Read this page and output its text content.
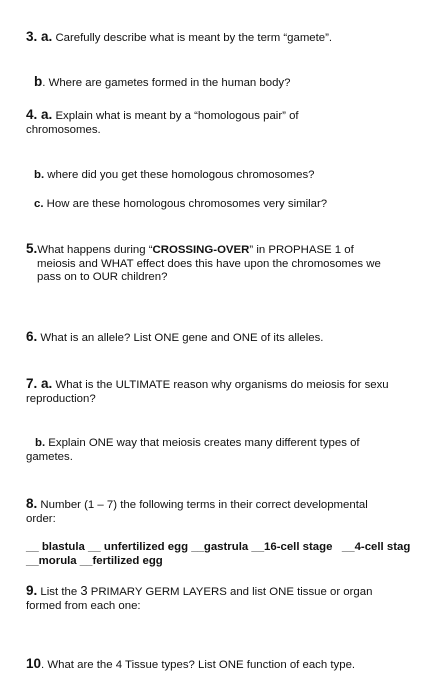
3. a. Carefully describe what is meant by the term “gamete”.
b. Where are gametes formed in the human body?
4. a. Explain what is meant by a “homologous pair” of
chromosomes.
b. where did you get these homologous chromosomes?
c. How are these homologous chromosomes very similar?
5.What happens during “CROSSING-OVER” in PROPHASE 1 of
meiosis and WHAT effect does this have upon the chromosomes we
pass on to OUR children?
6. What is an allele? List ONE gene and ONE of its alleles.
7. a. What is the ULTIMATE reason why organisms do meiosis for sexu
reproduction?
b. Explain ONE way that meiosis creates many different types of
gametes.
8. Number (1 – 7) the following terms in their correct developmental
order:
__ blastula __ unfertilized egg __gastrula __16-cell stage   __4-cell stag
__morula __fertilized egg
9. List the 3 PRIMARY GERM LAYERS and list ONE tissue or organ
formed from each one:
10. What are the 4 Tissue types? List ONE function of each type.
